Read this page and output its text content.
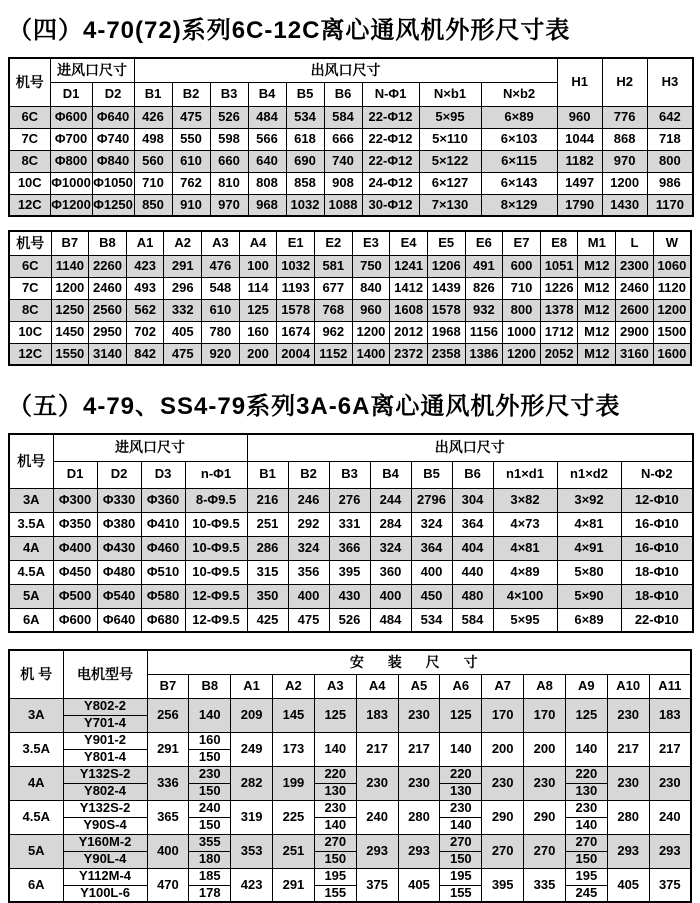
（四）4-70(72)系列6C-12C离心通风机外形尺寸表
机号	进风口尺寸		出风口尺寸									H1	H2	H3
	D1	D2	B1	B2	B3	B4	B5	B6	N-Φ1	N×b1	N×b2			
6C	Φ600	Φ640	426	475	526	484	534	584	22-Φ12	5×95	6×89	960	776	642
7C	Φ700	Φ740	498	550	598	566	618	666	22-Φ12	5×110	6×103	1044	868	718
8C	Φ800	Φ840	560	610	660	640	690	740	22-Φ12	5×122	6×115	1182	970	800
10C	Φ1000	Φ1050	710	762	810	808	858	908	24-Φ12	6×127	6×143	1497	1200	986
12C	Φ1200	Φ1250	850	910	970	968	1032	1088	30-Φ12	7×130	8×129	1790	1430	1170
机号	B7	B8	A1	A2	A3	A4	E1	E2	E3	E4	E5	E6	E7	E8	M1	L	W
6C	1140	2260	423	291	476	100	1032	581	750	1241	1206	491	600	1051	M12	2300	1060
7C	1200	2460	493	296	548	114	1193	677	840	1412	1439	826	710	1226	M12	2460	1120
8C	1250	2560	562	332	610	125	1578	768	960	1608	1578	932	800	1378	M12	2600	1200
10C	1450	2950	702	405	780	160	1674	962	1200	2012	1968	1156	1000	1712	M12	2900	1500
12C	1550	3140	842	475	920	200	2004	1152	1400	2372	2358	1386	1200	2052	M12	3160	1600
（五）4-79、SS4-79系列3A-6A离心通风机外形尺寸表
机号	进风口尺寸				出风口尺寸								
	D1	D2	D3	n-Φ1	B1	B2	B3	B4	B5	B6	n1×d1	n1×d2	N-Φ2
3A	Φ300	Φ330	Φ360	8-Φ9.5	216	246	276	244	2796	304	3×82	3×92	12-Φ10
3.5A	Φ350	Φ380	Φ410	10-Φ9.5	251	292	331	284	324	364	4×73	4×81	16-Φ10
4A	Φ400	Φ430	Φ460	10-Φ9.5	286	324	366	324	364	404	4×81	4×91	16-Φ10
4.5A	Φ450	Φ480	Φ510	10-Φ9.5	315	356	395	360	400	440	4×89	5×80	18-Φ10
5A	Φ500	Φ540	Φ580	12-Φ9.5	350	400	430	400	450	480	4×100	5×90	18-Φ10
6A	Φ600	Φ640	Φ680	12-Φ9.5	425	475	526	484	534	584	5×95	6×89	22-Φ10
机 号	电机型号	安 装 尺 寸												
		B7	B8	A1	A2	A3	A4	A5	A6	A7	A8	A9	A10	A11
3A	Y802-2	256	140	209	145	125	183	230	125	170	170	125	230	183
	Y701-4													
3.5A	Y901-2	291	160	249	173	140	217	217	140	200	200	140	217	217
	Y801-4		150											
4A	Y132S-2	336	230	282	199	220	230	230	220	230	230	220	230	230
	Y802-4		150			130			130			130		
4.5A	Y132S-2	365	240	319	225	230	240	280	230	290	290	230	280	240
	Y90S-4		150			140			140			140		
5A	Y160M-2	400	355	353	251	270	293	293	270	270	270	270	293	293
	Y90L-4		180			150			150			150		
6A	Y112M-4	470	185	423	291	195	375	405	195	395	335	195	405	375
	Y100L-6		178			155			155			245		
